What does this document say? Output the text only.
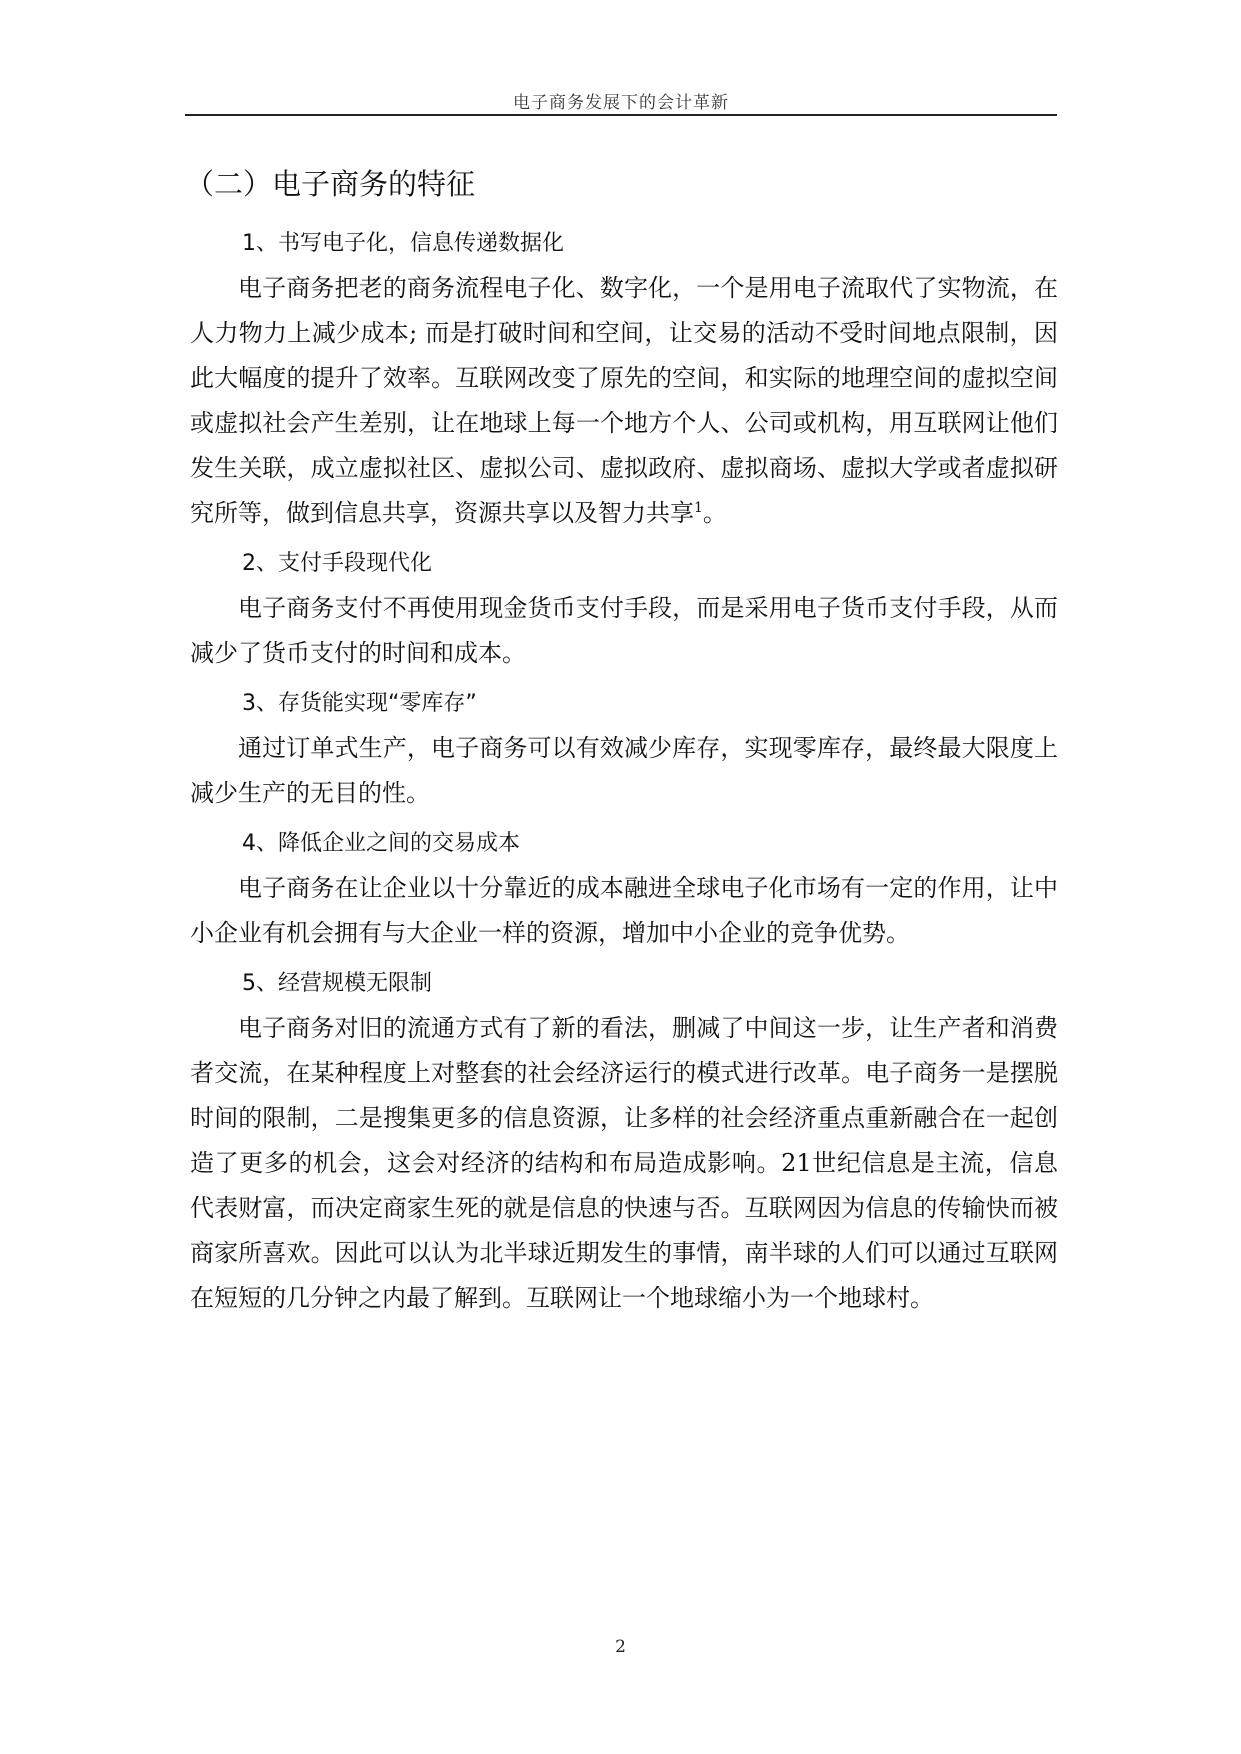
电子商务发展下的会计革新
（二）电子商务的特征
1、书写电子化，信息传递数据化

电子商务把老的商务流程电子化、数字化，一个是用电子流取代了实物流，在人力物力上减少成本; 而是打破时间和空间，让交易的活动不受时间地点限制，因此大幅度的提升了效率。互联网改变了原先的空间，和实际的地理空间的虚拟空间或虚拟社会产生差别，让在地球上每一个地方个人、公司或机构，用互联网让他们发生关联，成立虚拟社区、虚拟公司、虚拟政府、虚拟商场、虚拟大学或者虚拟研究所等，做到信息共享，资源共享以及智力共享$^1$。

2、支付手段现代化

电子商务支付不再使用现金货币支付手段，而是采用电子货币支付手段，从而减少了货币支付的时间和成本。

3、存货能实现“零库存”

通过订单式生产，电子商务可以有效减少库存，实现零库存，最终最大限度上减少生产的无目的性。

4、降低企业之间的交易成本

电子商务在让企业以十分靠近的成本融进全球电子化市场有一定的作用，让中小企业有机会拥有与大企业一样的资源，增加中小企业的竞争优势。

5、经营规模无限制

电子商务对旧的流通方式有了新的看法，删减了中间这一步，让生产者和消费者交流，在某种程度上对整套的社会经济运行的模式进行改革。电子商务一是摆脱时间的限制，二是搜集更多的信息资源，让多样的社会经济重点重新融合在一起创造了更多的机会，这会对经济的结构和布局造成影响。21世纪信息是主流，信息代表财富，而决定商家生死的就是信息的快速与否。互联网因为信息的传输快而被商家所喜欢。因此可以认为北半球近期发生的事情，南半球的人们可以通过互联网在短短的几分钟之内最了解到。互联网让一个地球缩小为一个地球村。

2
